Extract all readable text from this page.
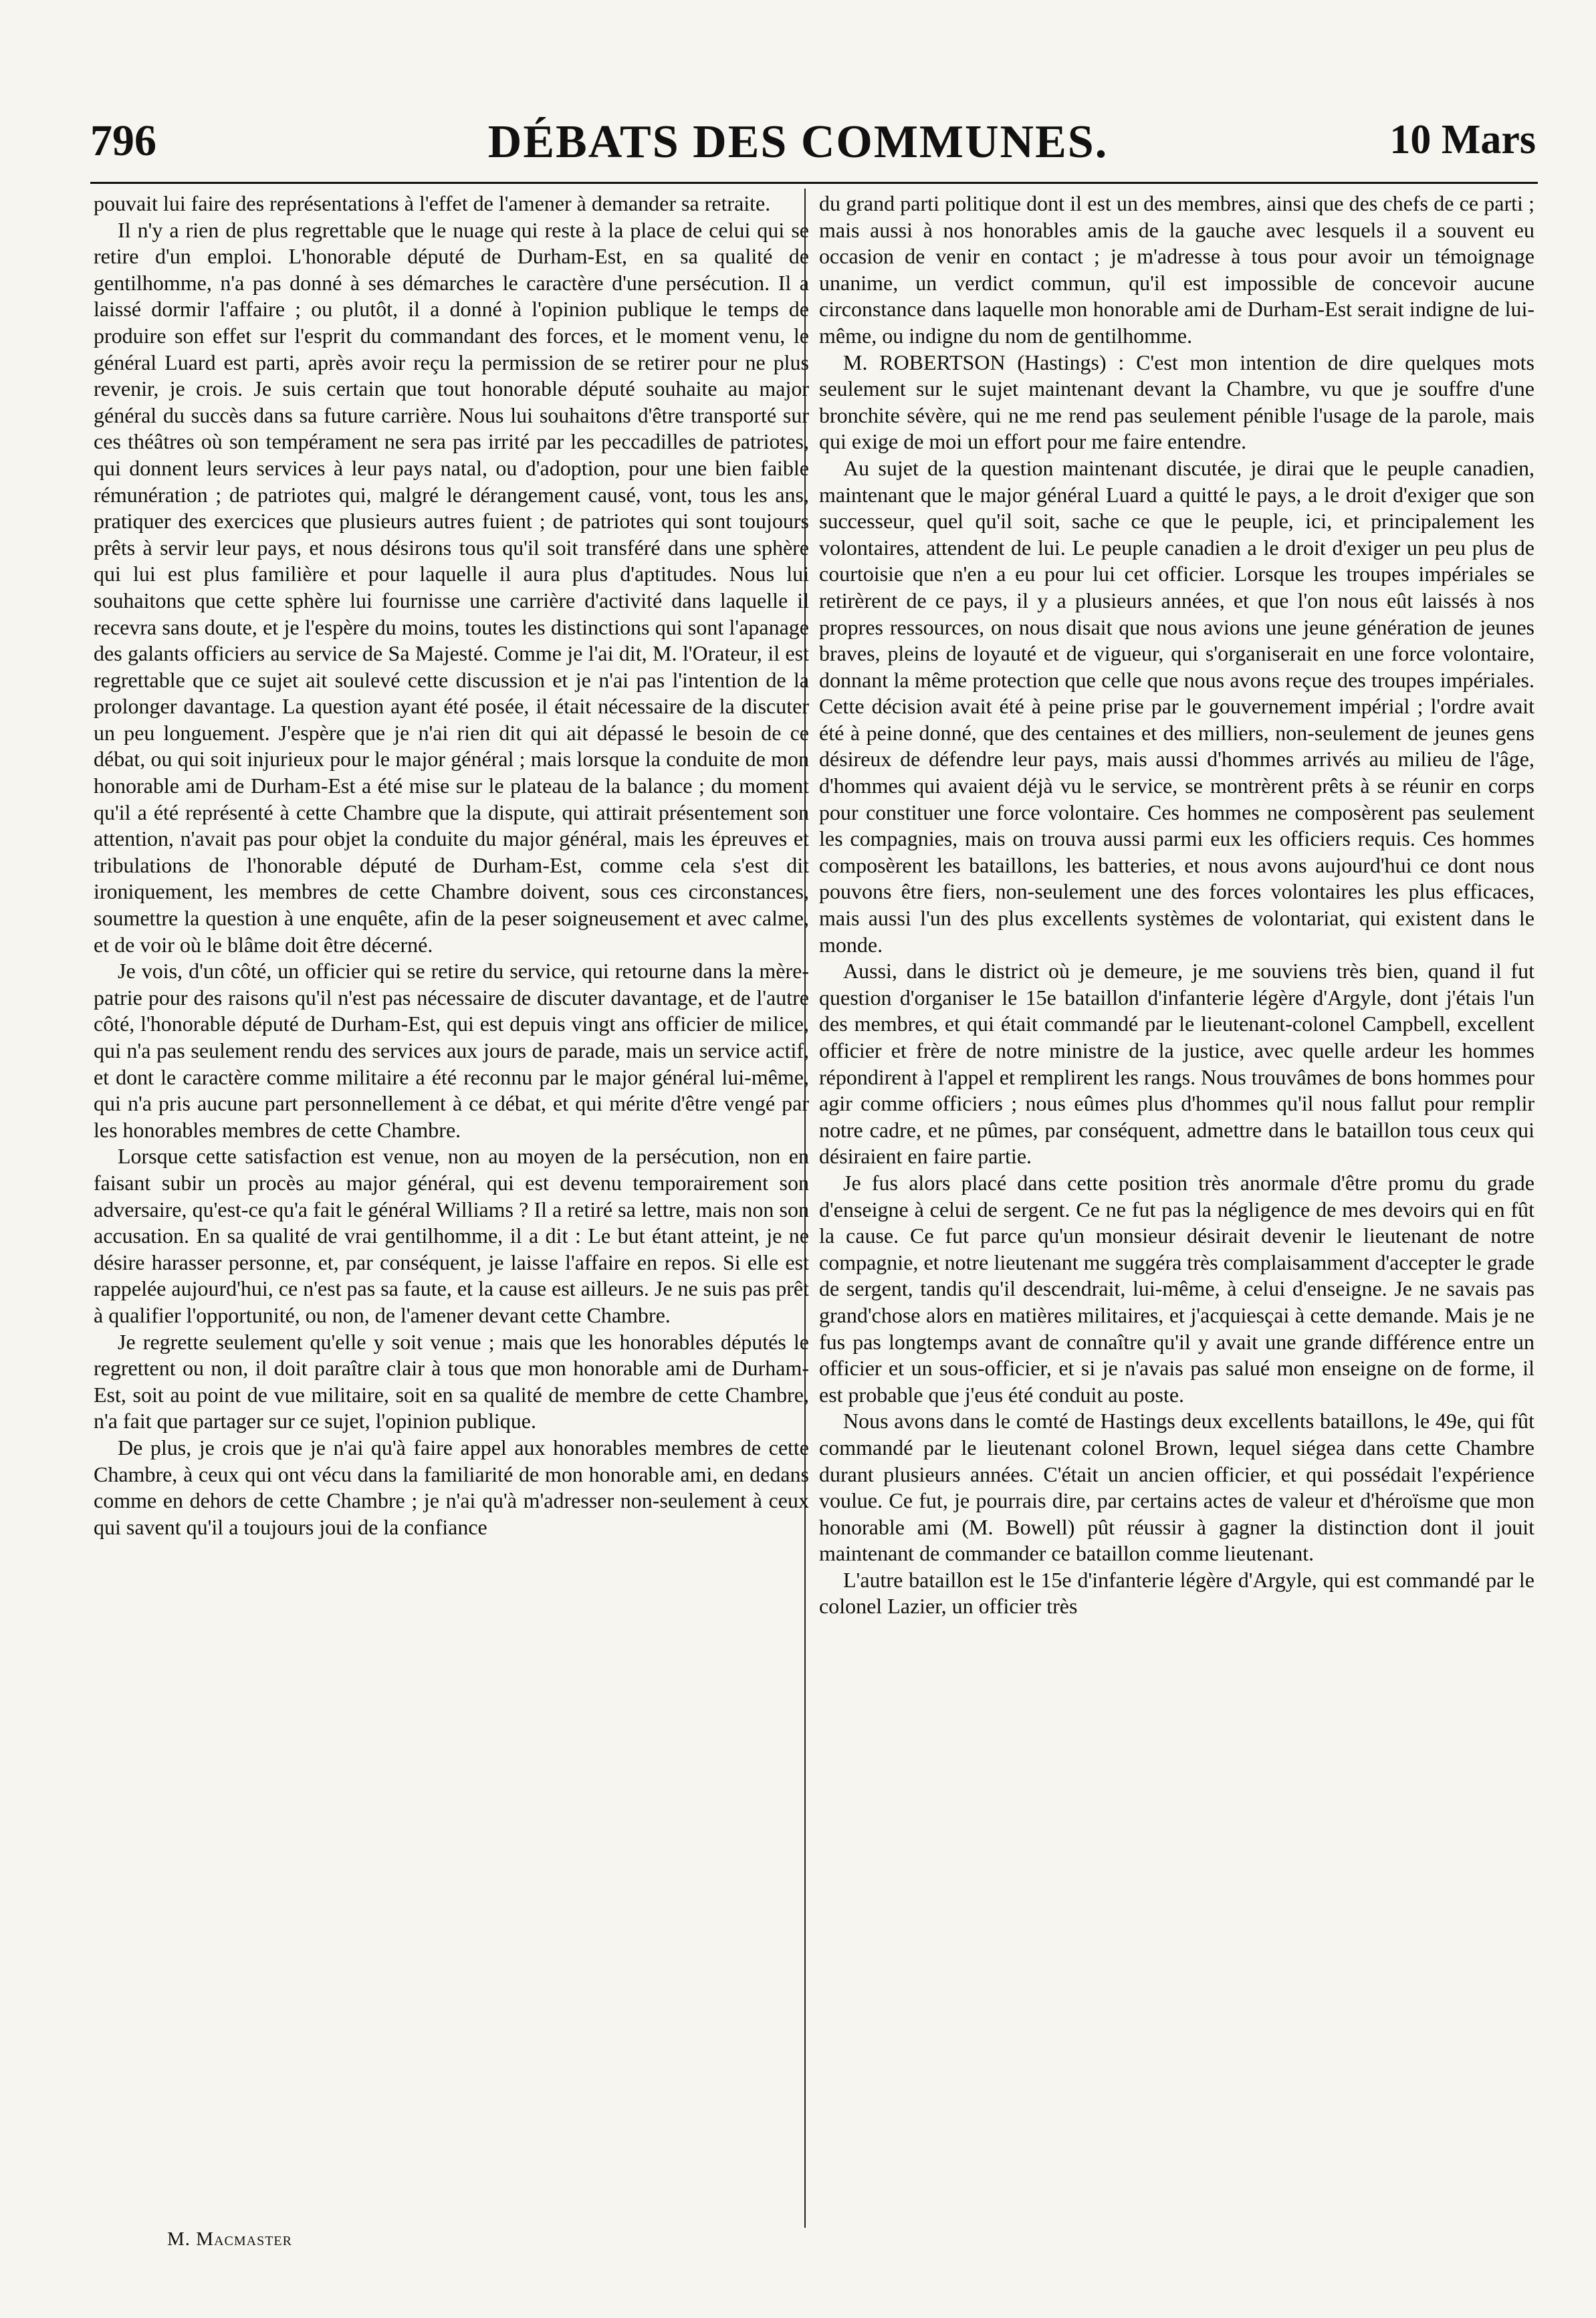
796	DÉBATS DES COMMUNES.	10 Mars

pouvait lui faire des représentations à l'effet de l'amener à demander sa retraite.

Il n'y a rien de plus regrettable que le nuage qui reste à la place de celui qui se retire d'un emploi. L'honorable député de Durham-Est, en sa qualité de gentilhomme, n'a pas donné à ses démarches le caractère d'une persécution. Il a laissé dormir l'affaire ; ou plutôt, il a donné à l'opinion publique le temps de produire son effet sur l'esprit du commandant des forces, et le moment venu, le général Luard est parti, après avoir reçu la permission de se retirer pour ne plus revenir, je crois. Je suis certain que tout honorable député souhaite au major général du succès dans sa future carrière. Nous lui souhaitons d'être transporté sur ces théâtres où son tempérament ne sera pas irrité par les peccadilles de patriotes, qui donnent leurs services à leur pays natal, ou d'adoption, pour une bien faible rémunération ; de patriotes qui, malgré le dérangement causé, vont, tous les ans, pratiquer des exercices que plusieurs autres fuient ; de patriotes qui sont toujours prêts à servir leur pays, et nous désirons tous qu'il soit transféré dans une sphère qui lui est plus familière et pour laquelle il aura plus d'aptitudes. Nous lui souhaitons que cette sphère lui fournisse une carrière d'activité dans laquelle il recevra sans doute, et je l'espère du moins, toutes les distinctions qui sont l'apanage des galants officiers au service de Sa Majesté. Comme je l'ai dit, M. l'Orateur, il est regrettable que ce sujet ait soulevé cette discussion et je n'ai pas l'intention de la prolonger davantage. La question ayant été posée, il était nécessaire de la discuter un peu longuement. J'espère que je n'ai rien dit qui ait dépassé le besoin de ce débat, ou qui soit injurieux pour le major général ; mais lorsque la conduite de mon honorable ami de Durham-Est a été mise sur le plateau de la balance ; du moment qu'il a été représenté à cette Chambre que la dispute, qui attirait présentement son attention, n'avait pas pour objet la conduite du major général, mais les épreuves et tribulations de l'honorable député de Durham-Est, comme cela s'est dit ironiquement, les membres de cette Chambre doivent, sous ces circonstances, soumettre la question à une enquête, afin de la peser soigneusement et avec calme, et de voir où le blâme doit être décerné.

Je vois, d'un côté, un officier qui se retire du service, qui retourne dans la mère-patrie pour des raisons qu'il n'est pas nécessaire de discuter davantage, et de l'autre côté, l'honorable député de Durham-Est, qui est depuis vingt ans officier de milice, qui n'a pas seulement rendu des services aux jours de parade, mais un service actif, et dont le caractère comme militaire a été reconnu par le major général lui-même, qui n'a pris aucune part personnellement à ce débat, et qui mérite d'être vengé par les honorables membres de cette Chambre.

Lorsque cette satisfaction est venue, non au moyen de la persécution, non en faisant subir un procès au major général, qui est devenu temporairement son adversaire, qu'est-ce qu'a fait le général Williams ? Il a retiré sa lettre, mais non son accusation. En sa qualité de vrai gentilhomme, il a dit : Le but étant atteint, je ne désire harasser personne, et, par conséquent, je laisse l'affaire en repos. Si elle est rappelée aujourd'hui, ce n'est pas sa faute, et la cause est ailleurs. Je ne suis pas prêt à qualifier l'opportunité, ou non, de l'amener devant cette Chambre.

Je regrette seulement qu'elle y soit venue ; mais que les honorables députés le regrettent ou non, il doit paraître clair à tous que mon honorable ami de Durham-Est, soit au point de vue militaire, soit en sa qualité de membre de cette Chambre, n'a fait que partager sur ce sujet, l'opinion publique.

De plus, je crois que je n'ai qu'à faire appel aux honorables membres de cette Chambre, à ceux qui ont vécu dans la familiarité de mon honorable ami, en dedans comme en dehors de cette Chambre ; je n'ai qu'à m'adresser non-seulement à ceux qui savent qu'il a toujours joui de la confiance

du grand parti politique dont il est un des membres, ainsi que des chefs de ce parti ; mais aussi à nos honorables amis de la gauche avec lesquels il a souvent eu occasion de venir en contact ; je m'adresse à tous pour avoir un témoignage unanime, un verdict commun, qu'il est impossible de concevoir aucune circonstance dans laquelle mon honorable ami de Durham-Est serait indigne de lui-même, ou indigne du nom de gentilhomme.

M. ROBERTSON (Hastings) : C'est mon intention de dire quelques mots seulement sur le sujet maintenant devant la Chambre, vu que je souffre d'une bronchite sévère, qui ne me rend pas seulement pénible l'usage de la parole, mais qui exige de moi un effort pour me faire entendre.

Au sujet de la question maintenant discutée, je dirai que le peuple canadien, maintenant que le major général Luard a quitté le pays, a le droit d'exiger que son successeur, quel qu'il soit, sache ce que le peuple, ici, et principalement les volontaires, attendent de lui. Le peuple canadien a le droit d'exiger un peu plus de courtoisie que n'en a eu pour lui cet officier. Lorsque les troupes impériales se retirèrent de ce pays, il y a plusieurs années, et que l'on nous eût laissés à nos propres ressources, on nous disait que nous avions une jeune génération de jeunes braves, pleins de loyauté et de vigueur, qui s'organiserait en une force volontaire, donnant la même protection que celle que nous avons reçue des troupes impériales. Cette décision avait été à peine prise par le gouvernement impérial ; l'ordre avait été à peine donné, que des centaines et des milliers, non-seulement de jeunes gens désireux de défendre leur pays, mais aussi d'hommes arrivés au milieu de l'âge, d'hommes qui avaient déjà vu le service, se montrèrent prêts à se réunir en corps pour constituer une force volontaire. Ces hommes ne composèrent pas seulement les compagnies, mais on trouva aussi parmi eux les officiers requis. Ces hommes composèrent les bataillons, les batteries, et nous avons aujourd'hui ce dont nous pouvons être fiers, non-seulement une des forces volontaires les plus efficaces, mais aussi l'un des plus excellents systèmes de volontariat, qui existent dans le monde.

Aussi, dans le district où je demeure, je me souviens très bien, quand il fut question d'organiser le 15e bataillon d'infanterie légère d'Argyle, dont j'étais l'un des membres, et qui était commandé par le lieutenant-colonel Campbell, excellent officier et frère de notre ministre de la justice, avec quelle ardeur les hommes répondirent à l'appel et remplirent les rangs. Nous trouvâmes de bons hommes pour agir comme officiers ; nous eûmes plus d'hommes qu'il nous fallut pour remplir notre cadre, et ne pûmes, par conséquent, admettre dans le bataillon tous ceux qui désiraient en faire partie.

Je fus alors placé dans cette position très anormale d'être promu du grade d'enseigne à celui de sergent. Ce ne fut pas la négligence de mes devoirs qui en fût la cause. Ce fut parce qu'un monsieur désirait devenir le lieutenant de notre compagnie, et notre lieutenant me suggéra très complaisamment d'accepter le grade de sergent, tandis qu'il descendrait, lui-même, à celui d'enseigne. Je ne savais pas grand'chose alors en matières militaires, et j'acquiesçai à cette demande. Mais je ne fus pas longtemps avant de connaître qu'il y avait une grande différence entre un officier et un sous-officier, et si je n'avais pas salué mon enseigne on de forme, il est probable que j'eus été conduit au poste.

Nous avons dans le comté de Hastings deux excellents bataillons, le 49e, qui fût commandé par le lieutenant colonel Brown, lequel siégea dans cette Chambre durant plusieurs années. C'était un ancien officier, et qui possédait l'expérience voulue. Ce fut, je pourrais dire, par certains actes de valeur et d'héroïsme que mon honorable ami (M. Bowell) pût réussir à gagner la distinction dont il jouit maintenant de commander ce bataillon comme lieutenant.

L'autre bataillon est le 15e d'infanterie légère d'Argyle, qui est commandé par le colonel Lazier, un officier très

M. Macmaster
